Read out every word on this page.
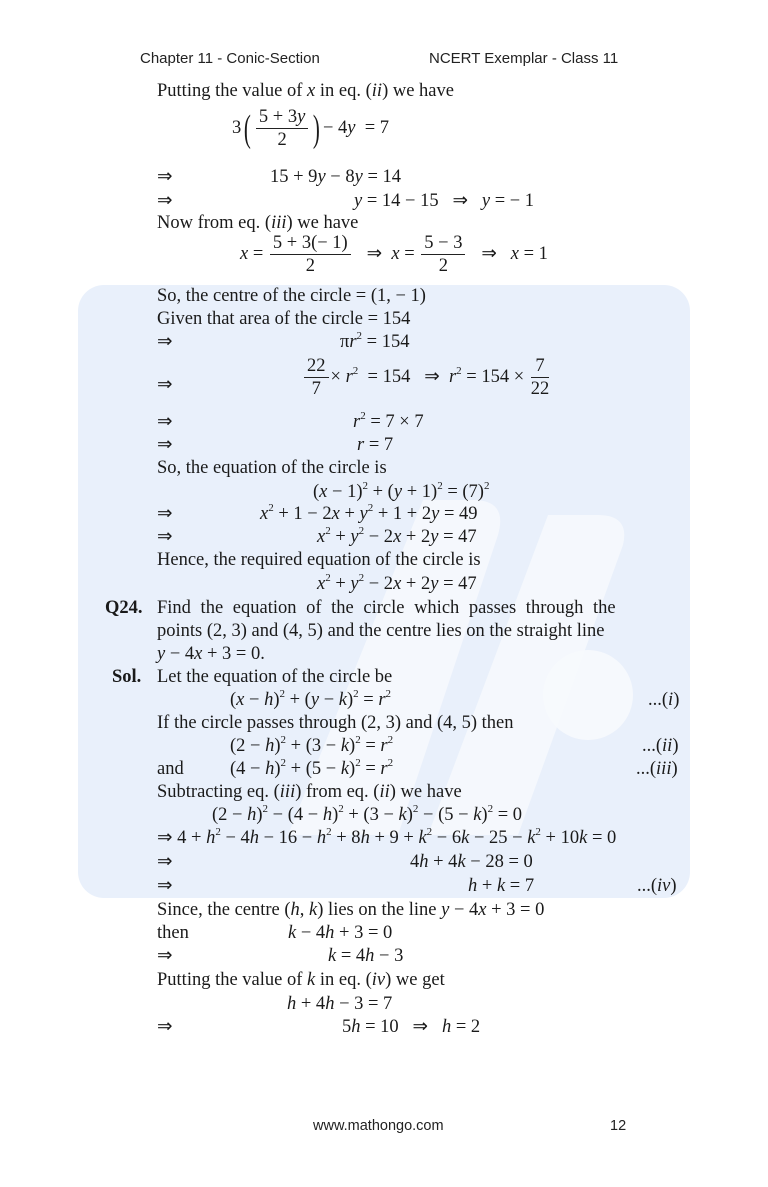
Chapter 11 - Conic-Section	NCERT Exemplar - Class 11
Putting the value of x in eq. (ii) we have
$3( \frac{5 + 3y}{2}$ ) − 4y  = 7
⇒	15 + 9y − 8y = 14
⇒	y = 14 − 15   ⇒   y = − 1
Now from eq. (iii) we have
$x = \frac{5 + 3(- 1)}{2}$ ⇒  $x = \frac{5 - 3}{2}$ ⇒   x = 1
So, the centre of the circle = (1, − 1)
Given that area of the circle = 154
⇒	$\pi r^2 = 154$
⇒	$\frac{22}{7} \times r^2 = 154$   ⇒  $r^2 = 154 \times \frac{7}{22}$
⇒	$r^2 = 7 \times 7$
⇒	r = 7
So, the equation of the circle is
$(x - 1)^2 + (y + 1)^2 = (7)^2$
⇒	$x^2 + 1 - 2x + y^2 + 1 + 2y = 49$
⇒	$x^2 + y^2 - 2x + 2y = 47$
Hence, the required equation of the circle is
$x^2 + y^2 - 2x + 2y = 47$
Q24. Find the equation of the circle which passes through the
points (2, 3) and (4, 5) and the centre lies on the straight line
y − 4x + 3 = 0.
Sol. Let the equation of the circle be
$(x - h)^2 + (y - k)^2 = r^2$	...(i)
If the circle passes through (2, 3) and (4, 5) then
$(2 - h)^2 + (3 - k)^2 = r^2$	...(ii)
and	$(4 - h)^2 + (5 - k)^2 = r^2$	...(iii)
Subtracting eq. (iii) from eq. (ii) we have
$(2 - h)^2 - (4 - h)^2 + (3 - k)^2 - (5 - k)^2 = 0$
⇒ $4 + h^2 - 4h - 16 - h^2 + 8h + 9 + k^2 - 6k - 25 - k^2 + 10k = 0$
⇒	4h + 4k − 28 = 0
⇒	h + k = 7	...(iv)
Since, the centre (h, k) lies on the line y − 4x + 3 = 0
then	k − 4h + 3 = 0
⇒	k = 4h − 3
Putting the value of k in eq. (iv) we get
h + 4h − 3 = 7
⇒	5h = 10   ⇒   h = 2
www.mathongo.com	12
